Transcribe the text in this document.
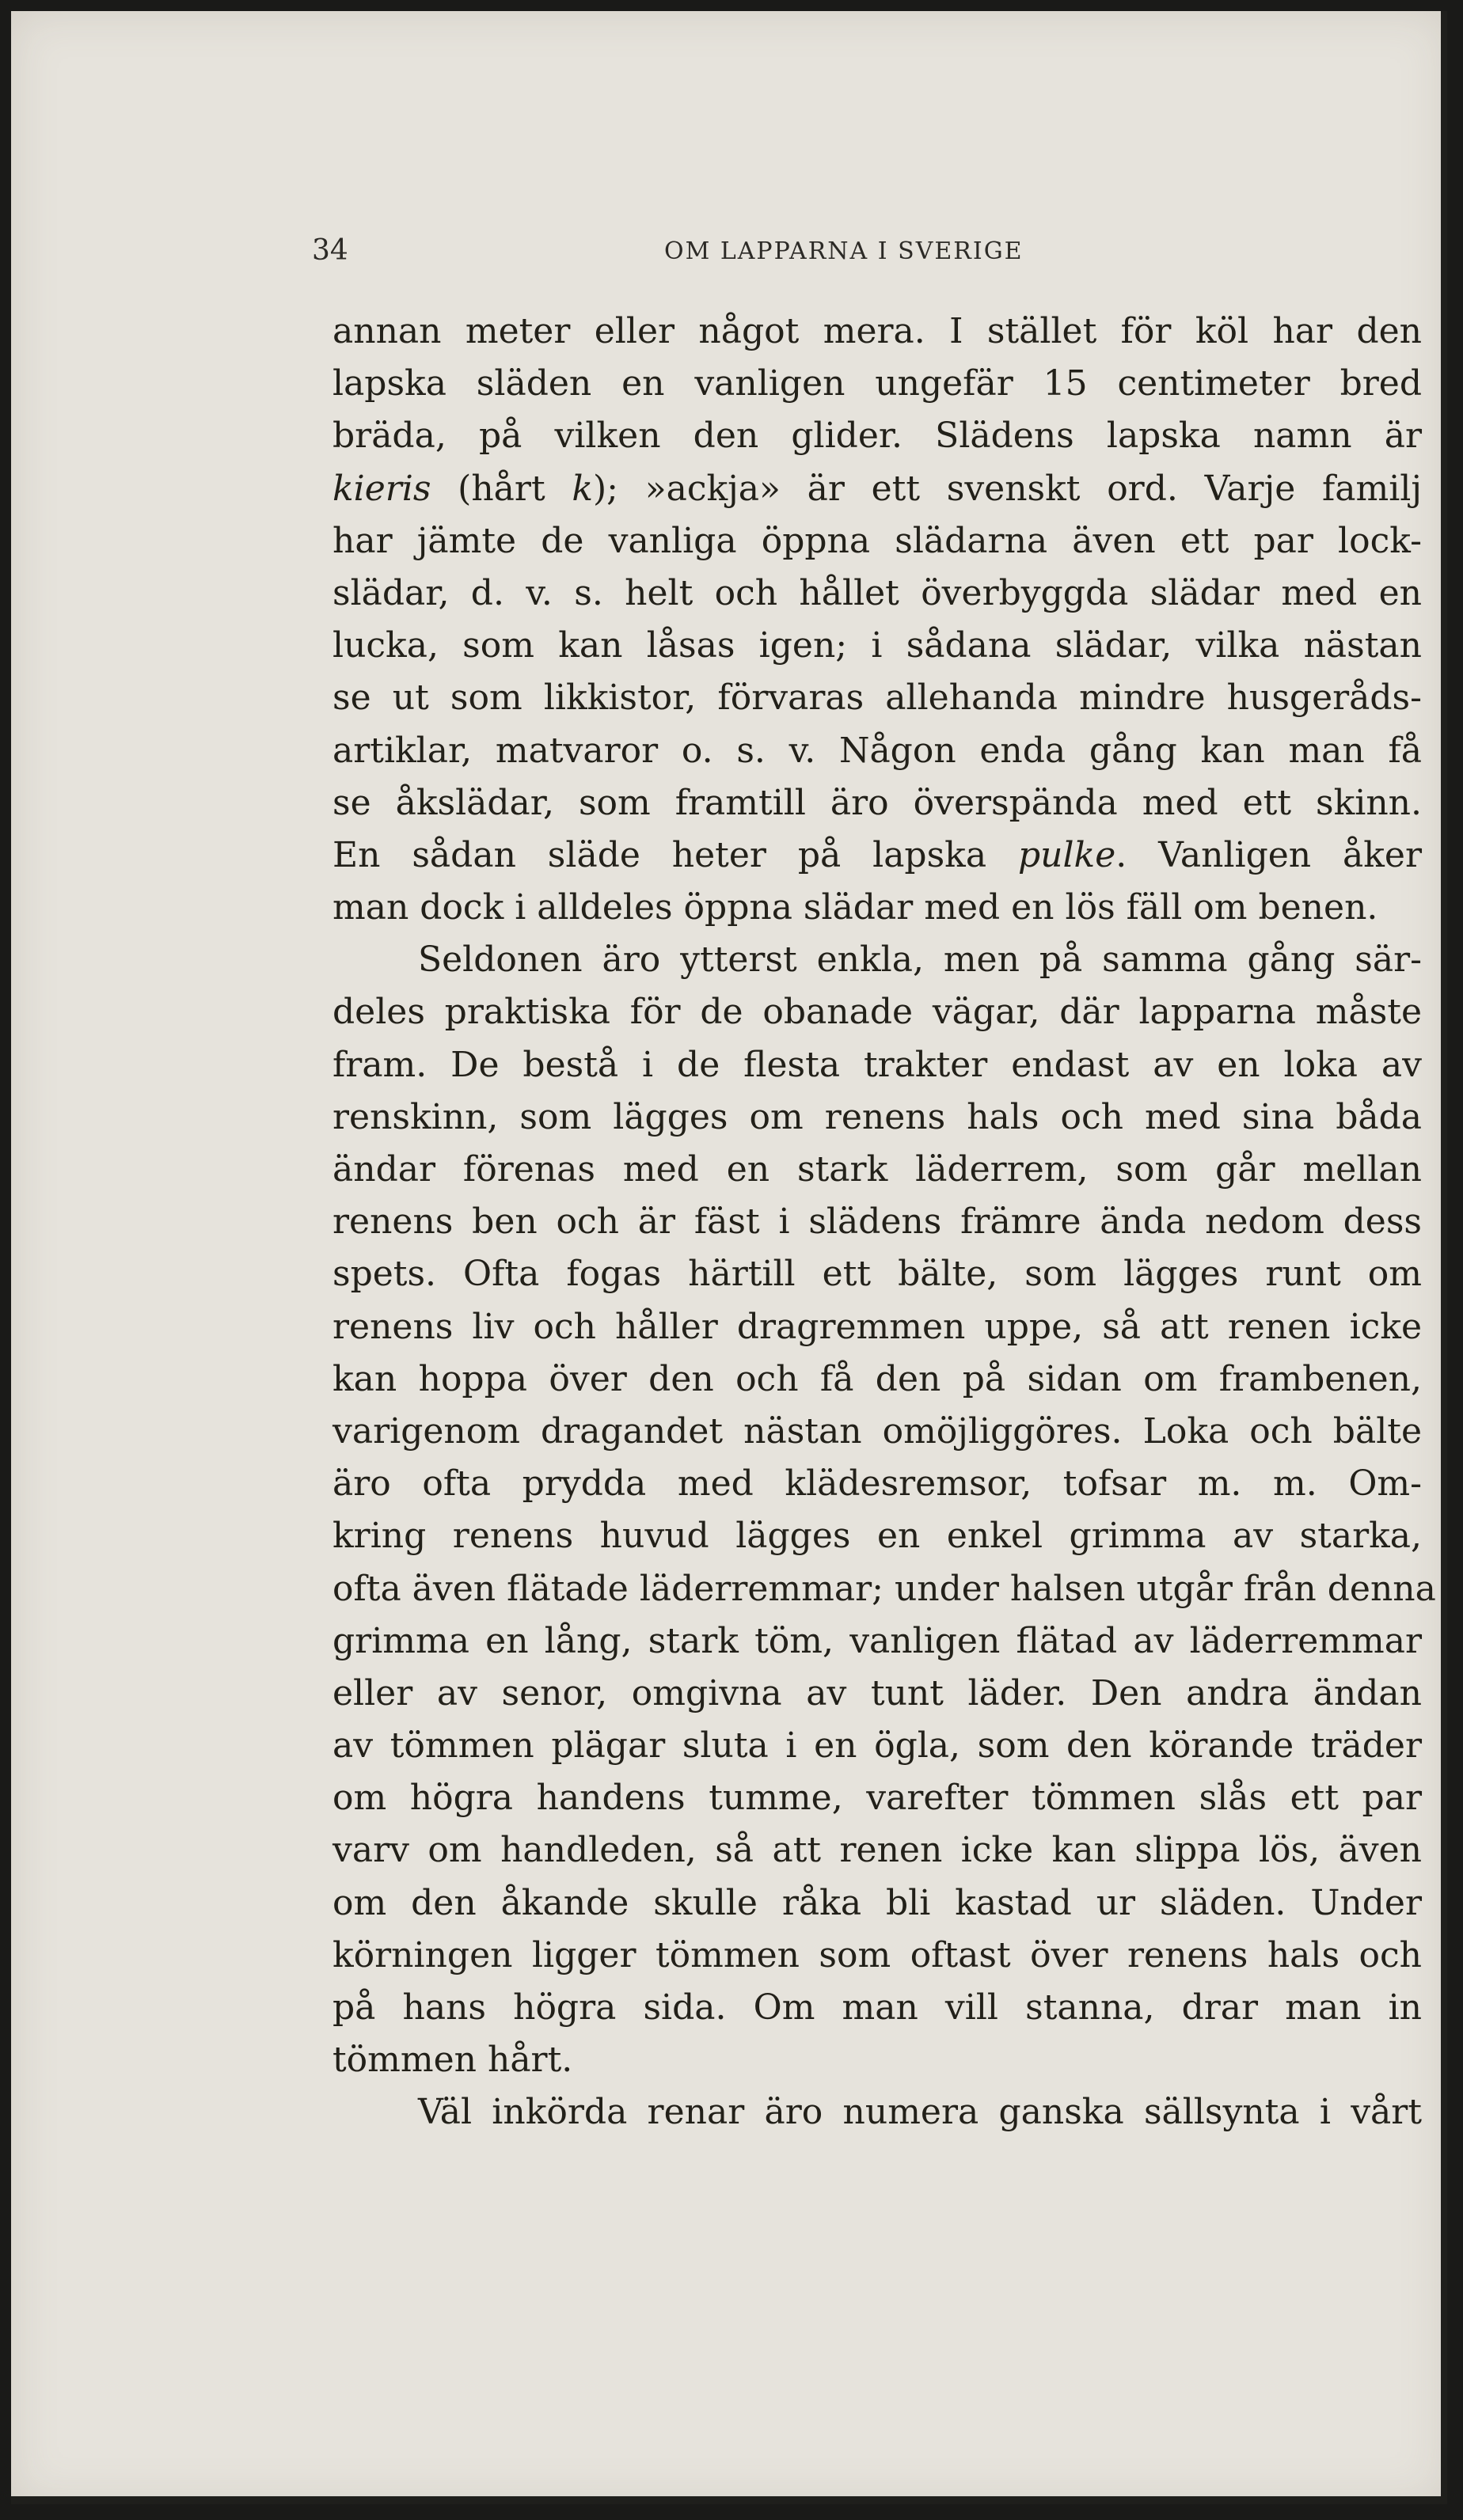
34	OM LAPPARNA I SVERIGE
annan meter eller något mera. I stället för köl har den
lapska släden en vanligen ungefär 15 centimeter bred
bräda, på vilken den glider. Slädens lapska namn är
kieris (hårt k); »ackja» är ett svenskt ord. Varje familj
har jämte de vanliga öppna slädarna även ett par lock-
slädar, d. v. s. helt och hållet överbyggda slädar med en
lucka, som kan låsas igen; i sådana slädar, vilka nästan
se ut som likkistor, förvaras allehanda mindre husgeråds-
artiklar, matvaror o. s. v. Någon enda gång kan man få
se åkslädar, som framtill äro överspända med ett skinn.
En sådan släde heter på lapska pulke. Vanligen åker
man dock i alldeles öppna slädar med en lös fäll om benen.
Seldonen äro ytterst enkla, men på samma gång sär-
deles praktiska för de obanade vägar, där lapparna måste
fram. De bestå i de flesta trakter endast av en loka av
renskinn, som lägges om renens hals och med sina båda
ändar förenas med en stark läderrem, som går mellan
renens ben och är fäst i slädens främre ända nedom dess
spets. Ofta fogas härtill ett bälte, som lägges runt om
renens liv och håller dragremmen uppe, så att renen icke
kan hoppa över den och få den på sidan om frambenen,
varigenom dragandet nästan omöjliggöres. Loka och bälte
äro ofta prydda med klädesremsor, tofsar m. m. Om-
kring renens huvud lägges en enkel grimma av starka,
ofta även flätade läderremmar; under halsen utgår från denna
grimma en lång, stark töm, vanligen flätad av läderremmar
eller av senor, omgivna av tunt läder. Den andra ändan
av tömmen plägar sluta i en ögla, som den körande träder
om högra handens tumme, varefter tömmen slås ett par
varv om handleden, så att renen icke kan slippa lös, även
om den åkande skulle råka bli kastad ur släden. Under
körningen ligger tömmen som oftast över renens hals och
på hans högra sida. Om man vill stanna, drar man in
tömmen hårt.
Väl inkörda renar äro numera ganska sällsynta i vårt
